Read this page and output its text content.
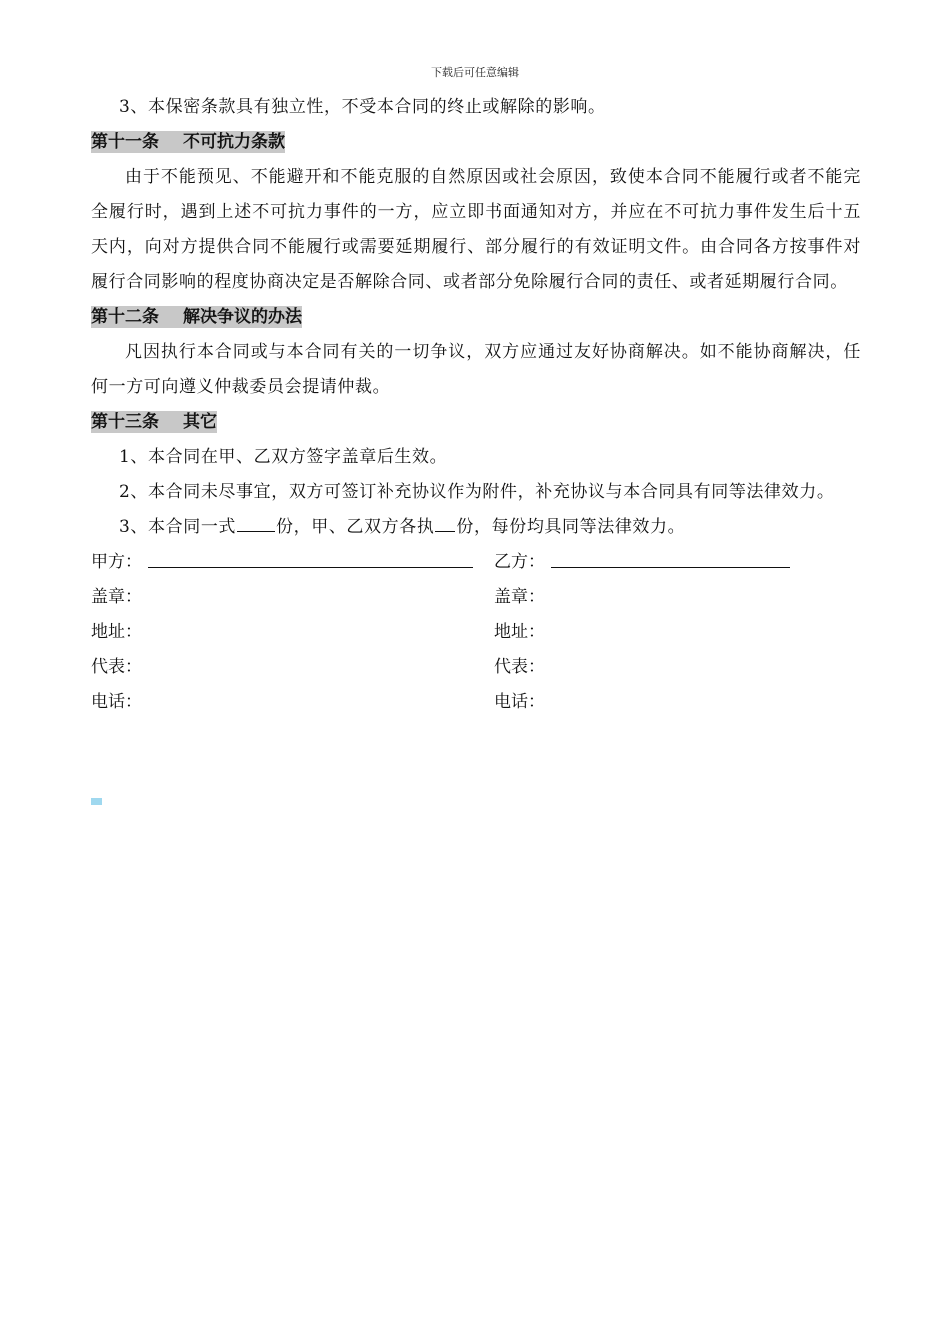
下载后可任意编辑

3、本保密条款具有独立性，不受本合同的终止或解除的影响。

第十一条 不可抗力条款

由于不能预见、不能避开和不能克服的自然原因或社会原因，致使本合同不能履行或者不能完全履行时，遇到上述不可抗力事件的一方，应立即书面通知对方，并应在不可抗力事件发生后十五天内，向对方提供合同不能履行或需要延期履行、部分履行的有效证明文件。由合同各方按事件对履行合同影响的程度协商决定是否解除合同、或者部分免除履行合同的责任、或者延期履行合同。

第十二条 解决争议的办法

凡因执行本合同或与本合同有关的一切争议，双方应通过友好协商解决。如不能协商解决，任何一方可向遵义仲裁委员会提请仲裁。

第十三条 其它

1、本合同在甲、乙双方签字盖章后生效。

2、本合同未尽事宜，双方可签订补充协议作为附件，补充协议与本合同具有同等法律效力。

3、本合同一式 份，甲、乙双方各执 份，每份均具同等法律效力。

甲方：	乙方：
盖章：	盖章：
地址：	地址：
代表：	代表：
电话：	电话：
